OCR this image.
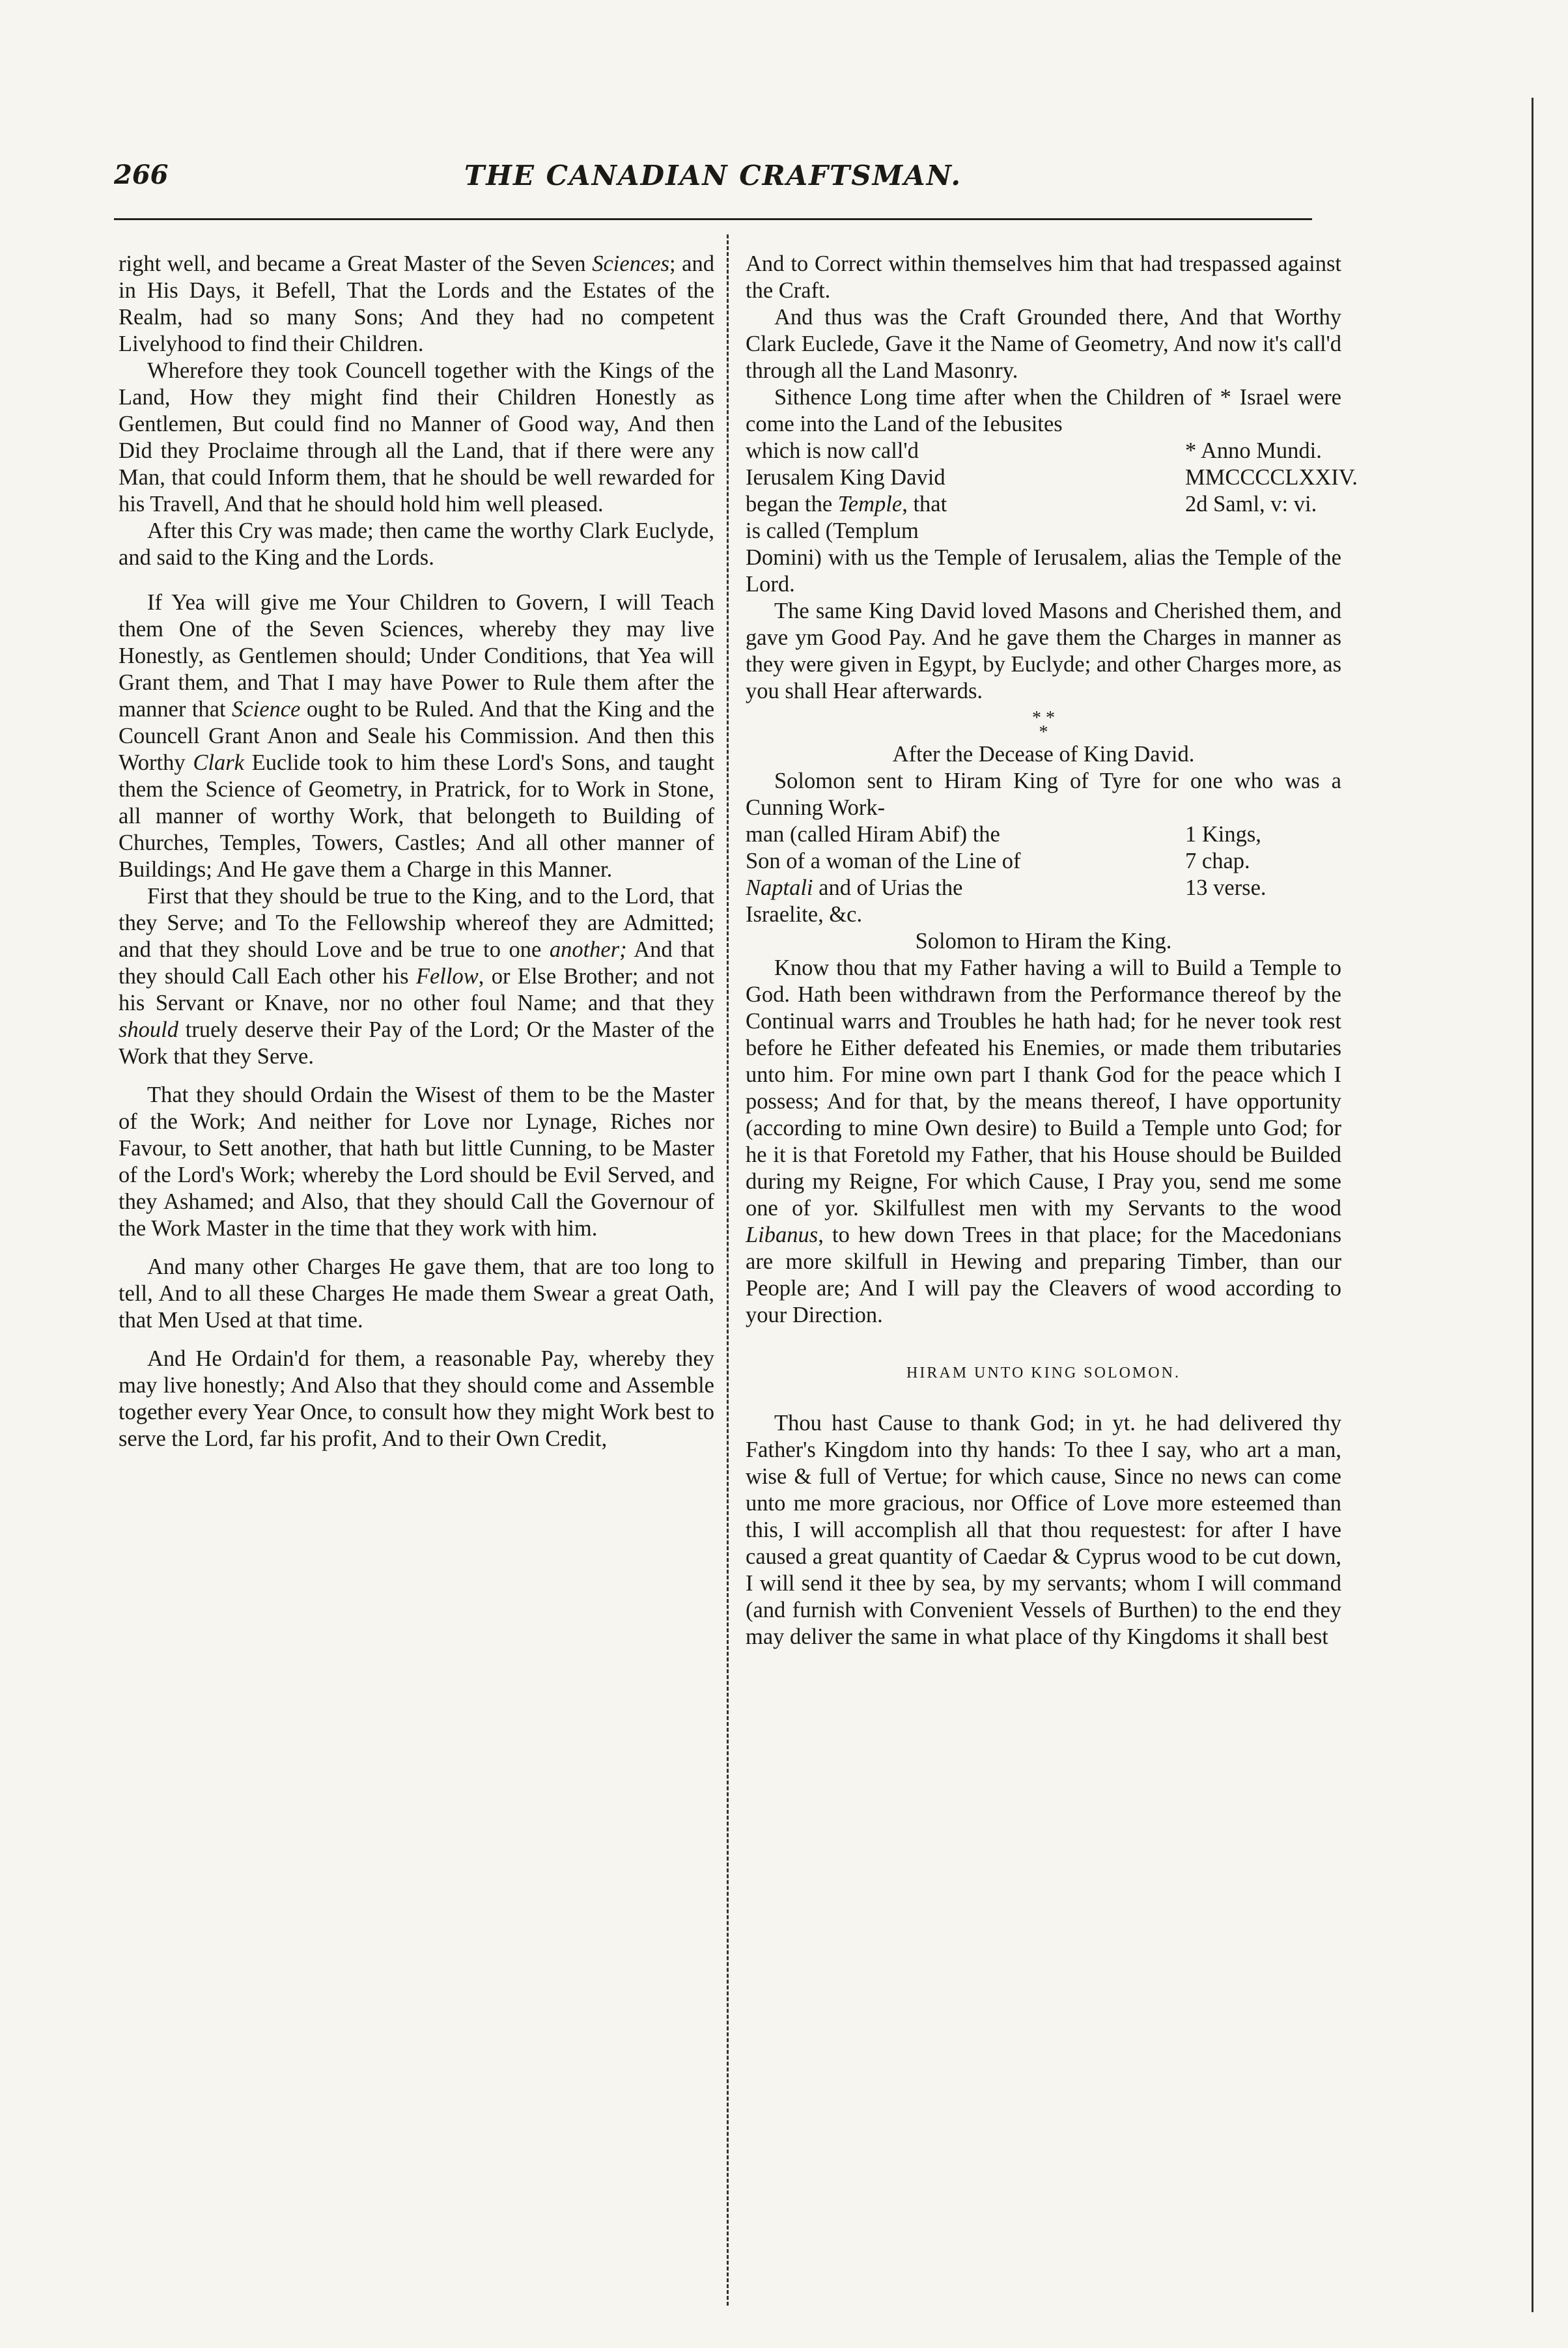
266	THE CANADIAN CRAFTSMAN.

right well, and became a Great Master of the Seven Sciences; and in His Days, it Befell, That the Lords and the Estates of the Realm, had so many Sons; And they had no competent Livelyhood to find their Children.

Wherefore they took Councell together with the Kings of the Land, How they might find their Children Honestly as Gentlemen, But could find no Manner of Good way, And then Did they Proclaime through all the Land, that if there were any Man, that could Inform them, that he should be well rewarded for his Travell, And that he should hold him well pleased.

After this Cry was made; then came the worthy Clark Euclyde, and said to the King and the Lords.

If Yea will give me Your Children to Govern, I will Teach them One of the Seven Sciences, whereby they may live Honestly, as Gentlemen should; Under Conditions, that Yea will Grant them, and That I may have Power to Rule them after the manner that Science ought to be Ruled. And that the King and the Councell Grant Anon and Seale his Commission. And then this Worthy Clark Euclide took to him these Lord's Sons, and taught them the Science of Geometry, in Pratrick, for to Work in Stone, all manner of worthy Work, that belongeth to Building of Churches, Temples, Towers, Castles; And all other manner of Buildings; And He gave them a Charge in this Manner.

First that they should be true to the King, and to the Lord, that they Serve; and To the Fellowship whereof they are Admitted; and that they should Love and be true to one another; And that they should Call Each other his Fellow, or Else Brother; and not his Servant or Knave, nor no other foul Name; and that they should truely deserve their Pay of the Lord; Or the Master of the Work that they Serve.

That they should Ordain the Wisest of them to be the Master of the Work; And neither for Love nor Lynage, Riches nor Favour, to Sett another, that hath but little Cunning, to be Master of the Lord's Work; whereby the Lord should be Evil Served, and they Ashamed; and Also, that they should Call the Governour of the Work Master in the time that they work with him.

And many other Charges He gave them, that are too long to tell, And to all these Charges He made them Swear a great Oath, that Men Used at that time.

And He Ordain'd for them, a reasonable Pay, whereby they may live honestly; And Also that they should come and Assemble together every Year Once, to consult how they might Work best to serve the Lord, far his profit, And to their Own Credit,

And to Correct within themselves him that had trespassed against the Craft.

And thus was the Craft Grounded there, And that Worthy Clark Euclede, Gave it the Name of Geometry, And now it's call'd through all the Land Masonry.

Sithence Long time after when the Children of * Israel were come into the Land of the Iebusites

which is now call'd
Ierusalem King David
began the Temple, that
is called (Templum
* Anno Mundi.
MMCCCCLXXIV.
2d Saml, v: vi.

Domini) with us the Temple of Ierusalem, alias the Temple of the Lord.

The same King David loved Masons and Cherished them, and gave ym Good Pay. And he gave them the Charges in manner as they were given in Egypt, by Euclyde; and other Charges more, as you shall Hear afterwards.

* *
*

After the Decease of King David.

Solomon sent to Hiram King of Tyre for one who was a Cunning Work-

man (called Hiram Abif) the
Son of a woman of the Line of
Naptali and of Urias the
1 Kings,
7 chap.
13 verse.

Israelite, &c.

Solomon to Hiram the King.

Know thou that my Father having a will to Build a Temple to God. Hath been withdrawn from the Performance thereof by the Continual warrs and Troubles he hath had; for he never took rest before he Either defeated his Enemies, or made them tributaries unto him. For mine own part I thank God for the peace which I possess; And for that, by the means thereof, I have opportunity (according to mine Own desire) to Build a Temple unto God; for he it is that Foretold my Father, that his House should be Builded during my Reigne, For which Cause, I Pray you, send me some one of yor. Skilfullest men with my Servants to the wood Libanus, to hew down Trees in that place; for the Macedonians are more skilfull in Hewing and preparing Timber, than our People are; And I will pay the Cleavers of wood according to your Direction.

HIRAM UNTO KING SOLOMON.

Thou hast Cause to thank God; in yt. he had delivered thy Father's Kingdom into thy hands: To thee I say, who art a man, wise & full of Vertue; for which cause, Since no news can come unto me more gracious, nor Office of Love more esteemed than this, I will accomplish all that thou requestest: for after I have caused a great quantity of Caedar & Cyprus wood to be cut down, I will send it thee by sea, by my servants; whom I will command (and furnish with Convenient Vessels of Burthen) to the end they may deliver the same in what place of thy Kingdoms it shall best
